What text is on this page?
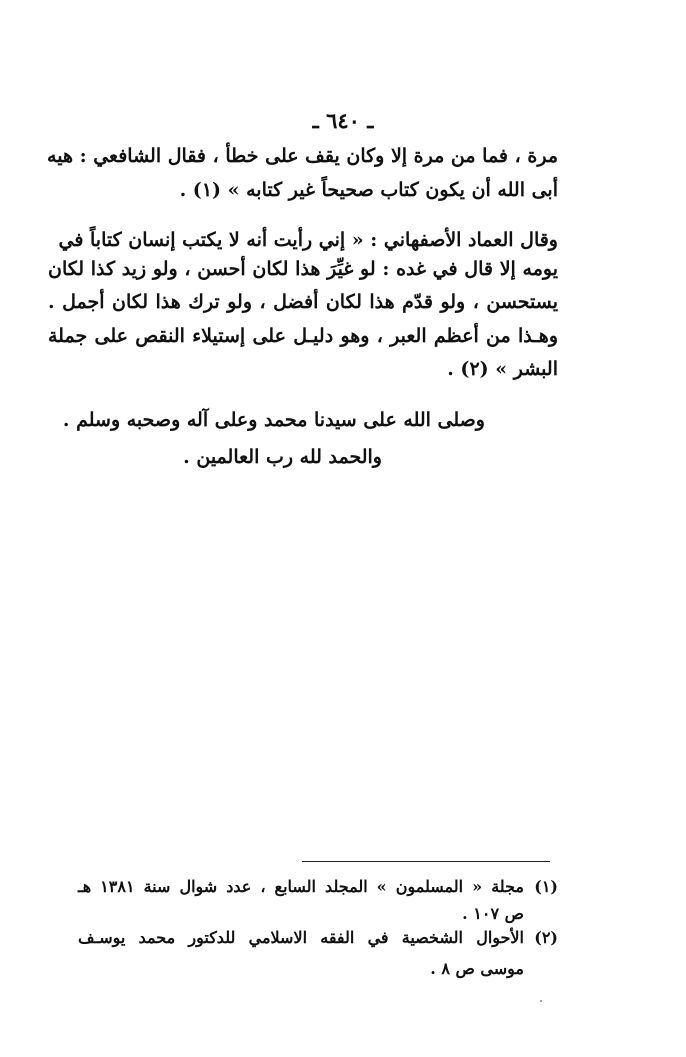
ـ ٦٤٠ ـ
مرة ، فما من مرة إلا وكان يقف على خطأ ، فقال الشافعي : هيه
أبى الله أن يكون كتاب صحيحاً غير كتابه » (١) .
وقال العماد الأصفهاني : « إني رأيت أنه لا يكتب إنسان كتاباً في
يومه إلا قال في غده : لو غيِّرَ هذا لكان أحسن ، ولو زيد كذا لكان
يستحسن ، ولو قدّم هذا لكان أفضل ، ولو ترك هذا لكان أجمل .
وهـذا من أعظم العبر ، وهو دليـل على إستيلاء النقص على جملة
البشر » (٢) .
وصلى الله على سيدنا محمد وعلى آله وصحبه وسلم .
والحمد لله رب العالمين .
(١)
مجلة « المسلمون » المجلد السابع ، عدد شوال سنة ١٣٨١ هـ
ص ١٠٧ .
(٢)
الأحوال الشخصية في الفقه الاسلامي للدكتور محمد يوسـف
موسى ص ٨ .
